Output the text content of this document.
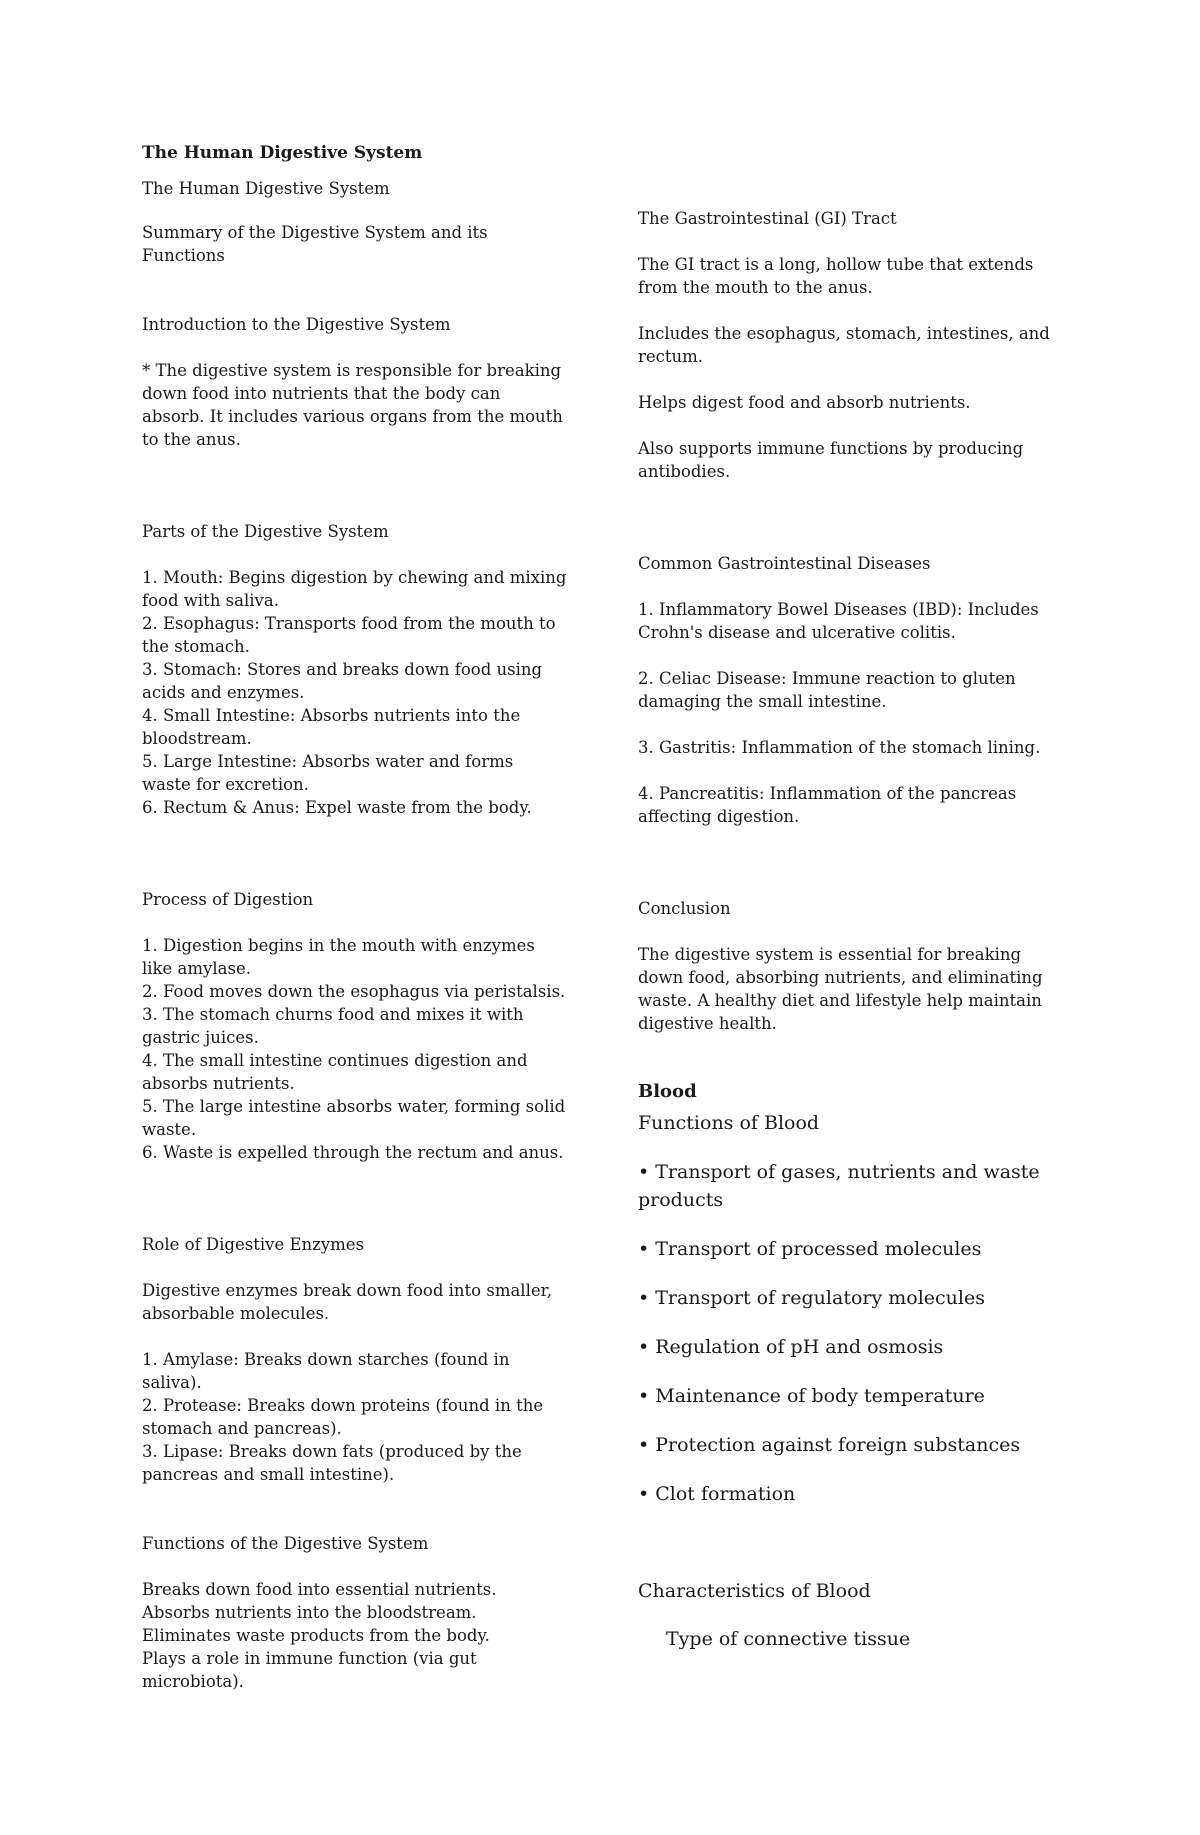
The Human Digestive System

The Human Digestive System

Summary of the Digestive System and its Functions

Introduction to the Digestive System

* The digestive system is responsible for breaking down food into nutrients that the body can absorb. It includes various organs from the mouth to the anus.

Parts of the Digestive System

1. Mouth: Begins digestion by chewing and mixing food with saliva.
2. Esophagus: Transports food from the mouth to the stomach.
3. Stomach: Stores and breaks down food using acids and enzymes.
4. Small Intestine: Absorbs nutrients into the bloodstream.
5. Large Intestine: Absorbs water and forms waste for excretion.
6. Rectum & Anus: Expel waste from the body.

Process of Digestion

1. Digestion begins in the mouth with enzymes like amylase.
2. Food moves down the esophagus via peristalsis.
3. The stomach churns food and mixes it with gastric juices.
4. The small intestine continues digestion and absorbs nutrients.
5. The large intestine absorbs water, forming solid waste.
6. Waste is expelled through the rectum and anus.

Role of Digestive Enzymes

Digestive enzymes break down food into smaller, absorbable molecules.

1. Amylase: Breaks down starches (found in saliva).
2. Protease: Breaks down proteins (found in the stomach and pancreas).
3. Lipase: Breaks down fats (produced by the pancreas and small intestine).

Functions of the Digestive System

Breaks down food into essential nutrients.
Absorbs nutrients into the bloodstream.
Eliminates waste products from the body.
Plays a role in immune function (via gut microbiota).

The Gastrointestinal (GI) Tract

The GI tract is a long, hollow tube that extends from the mouth to the anus.

Includes the esophagus, stomach, intestines, and rectum.

Helps digest food and absorb nutrients.

Also supports immune functions by producing antibodies.

Common Gastrointestinal Diseases

1. Inflammatory Bowel Diseases (IBD): Includes Crohn's disease and ulcerative colitis.

2. Celiac Disease: Immune reaction to gluten damaging the small intestine.

3. Gastritis: Inflammation of the stomach lining.

4. Pancreatitis: Inflammation of the pancreas affecting digestion.

Conclusion

The digestive system is essential for breaking down food, absorbing nutrients, and eliminating waste. A healthy diet and lifestyle help maintain digestive health.

Blood

Functions of Blood

• Transport of gases, nutrients and waste products

• Transport of processed molecules

• Transport of regulatory molecules

• Regulation of pH and osmosis

• Maintenance of body temperature

• Protection against foreign substances

• Clot formation

Characteristics of Blood

Type of connective tissue
